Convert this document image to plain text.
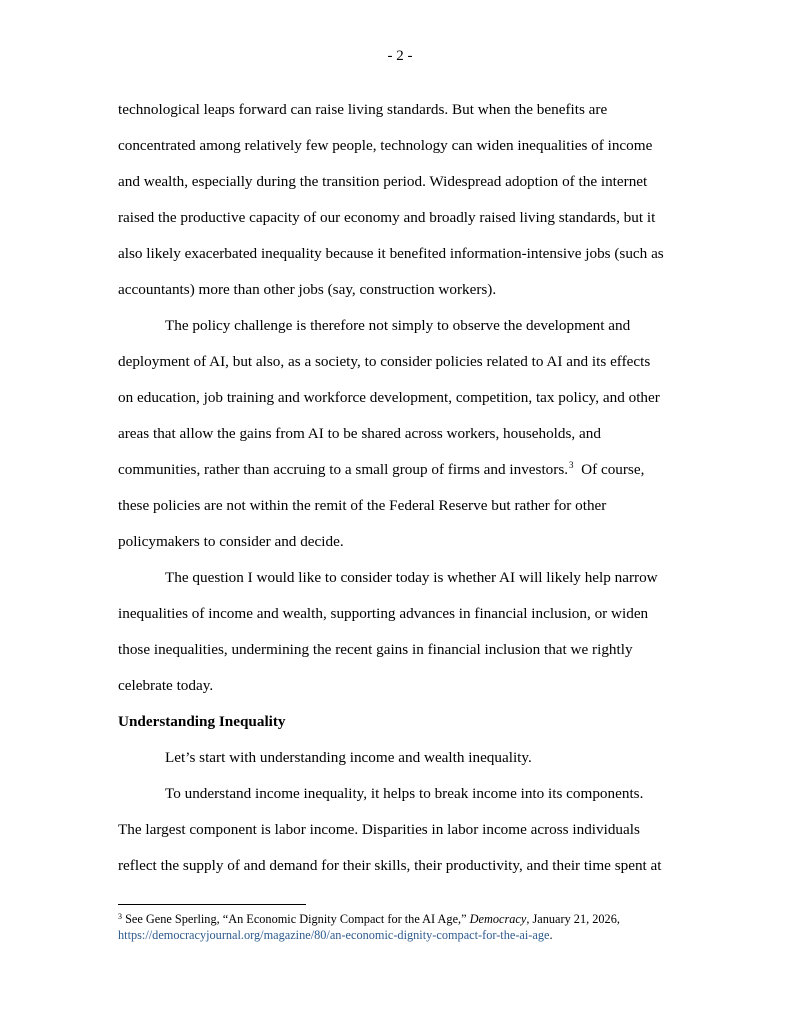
- 2 -

technological leaps forward can raise living standards. But when the benefits are
concentrated among relatively few people, technology can widen inequalities of income
and wealth, especially during the transition period. Widespread adoption of the internet
raised the productive capacity of our economy and broadly raised living standards, but it
also likely exacerbated inequality because it benefited information-intensive jobs (such as
accountants) more than other jobs (say, construction workers).

The policy challenge is therefore not simply to observe the development and
deployment of AI, but also, as a society, to consider policies related to AI and its effects
on education, job training and workforce development, competition, tax policy, and other
areas that allow the gains from AI to be shared across workers, households, and
communities, rather than accruing to a small group of firms and investors.$^3$  Of course,
these policies are not within the remit of the Federal Reserve but rather for other
policymakers to consider and decide.

The question I would like to consider today is whether AI will likely help narrow
inequalities of income and wealth, supporting advances in financial inclusion, or widen
those inequalities, undermining the recent gains in financial inclusion that we rightly
celebrate today.

Understanding Inequality

Let’s start with understanding income and wealth inequality.

To understand income inequality, it helps to break income into its components.
The largest component is labor income. Disparities in labor income across individuals
reflect the supply of and demand for their skills, their productivity, and their time spent at

$^3$ See Gene Sperling, “An Economic Dignity Compact for the AI Age,” Democracy, January 21, 2026,
https://democracyjournal.org/magazine/80/an-economic-dignity-compact-for-the-ai-age.
